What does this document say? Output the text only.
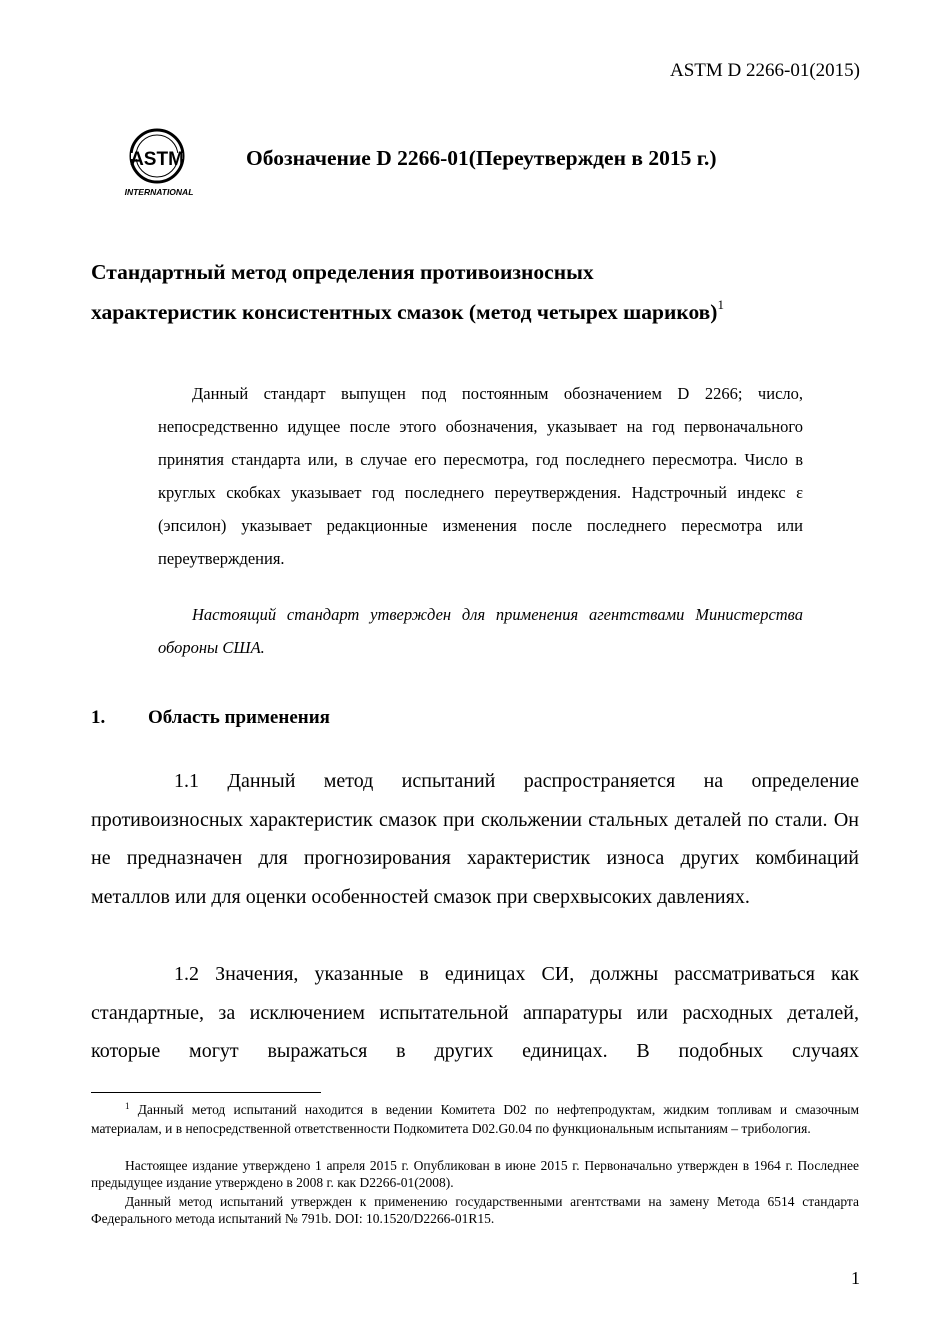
ASTM D 2266-01(2015)
ASTM
INTERNATIONAL
Обозначение D 2266-01(Переутвержден в 2015 г.)
Стандартный метод определения противоизносных
характеристик консистентных смазок (метод четырех шариков)$^1$
Данный стандарт выпущен под постоянным обозначением D 2266; число, непосредственно идущее после этого обозначения, указывает на год первоначального принятия стандарта или, в случае его пересмотра, год последнего пересмотра. Число в круглых скобках указывает год последнего переутверждения. Надстрочный индекс ε (эпсилон) указывает редакционные изменения после последнего пересмотра или переутверждения.
Настоящий стандарт утвержден для применения агентствами Министерства обороны США.
1. Область применения
1.1 Данный метод испытаний распространяется на определение противоизносных характеристик смазок при скольжении стальных деталей по стали. Он не предназначен для прогнозирования характеристик износа других комбинаций металлов или для оценки особенностей смазок при сверхвысоких давлениях.
1.2 Значения, указанные в единицах СИ, должны рассматриваться как стандартные, за исключением испытательной аппаратуры или расходных деталей, которые могут выражаться в других единицах. В подобных случаях
$^1$ Данный метод испытаний находится в ведении Комитета D02 по нефтепродуктам, жидким топливам и смазочным материалам, и в непосредственной ответственности Подкомитета D02.G0.04 по функциональным испытаниям – трибология.
Настоящее издание утверждено 1 апреля 2015 г. Опубликован в июне 2015 г. Первоначально утвержден в 1964 г. Последнее предыдущее издание утверждено в 2008 г. как D2266-01(2008).
Данный метод испытаний утвержден к применению государственными агентствами на замену Метода 6514 стандарта Федерального метода испытаний № 791b. DOI: 10.1520/D2266-01R15.
1
